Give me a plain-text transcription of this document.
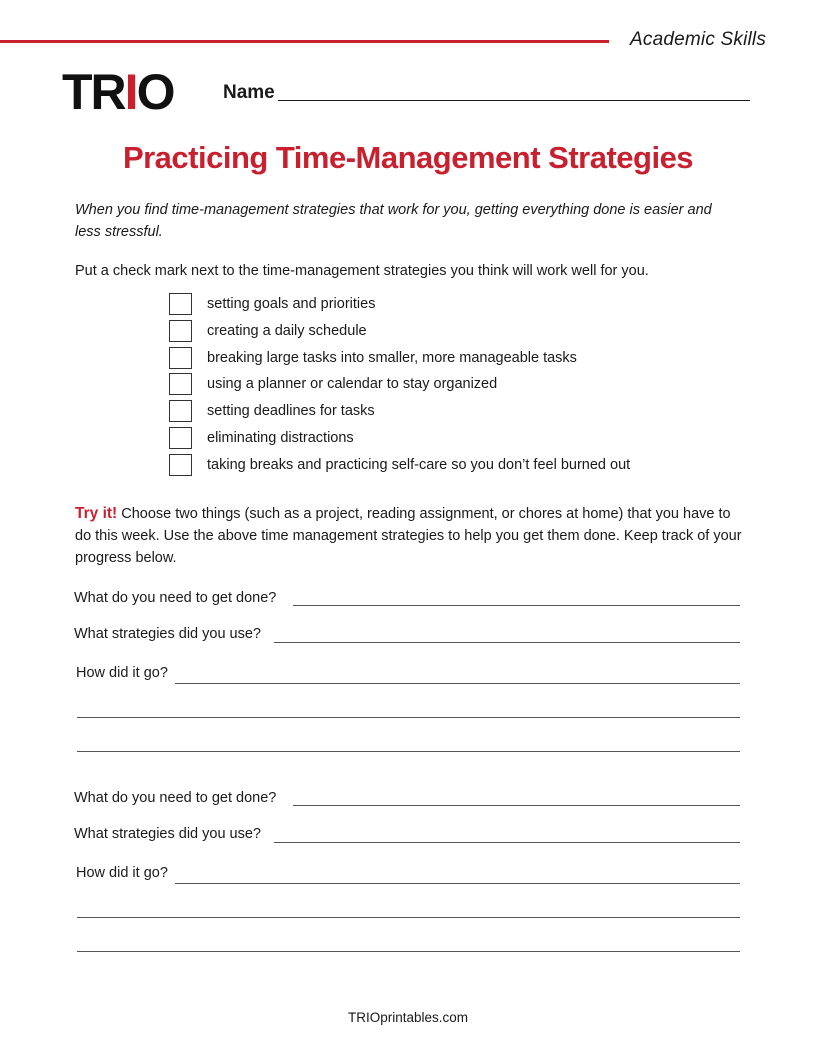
Academic Skills
T R I O	Name
Practicing Time-Management Strategies
When you find time-management strategies that work for you, getting everything done is easier and less stressful.
Put a check mark next to the time-management strategies you think will work well for you.
setting goals and priorities
creating a daily schedule
breaking large tasks into smaller, more manageable tasks
using a planner or calendar to stay organized
setting deadlines for tasks
eliminating distractions
taking breaks and practicing self-care so you don’t feel burned out
Try it! Choose two things (such as a project, reading assignment, or chores at home) that you have to do this week. Use the above time management strategies to help you get them done. Keep track of your progress below.
What do you need to get done?
What strategies did you use?
How did it go?
What do you need to get done?
What strategies did you use?
How did it go?
TRIOprintables.com
